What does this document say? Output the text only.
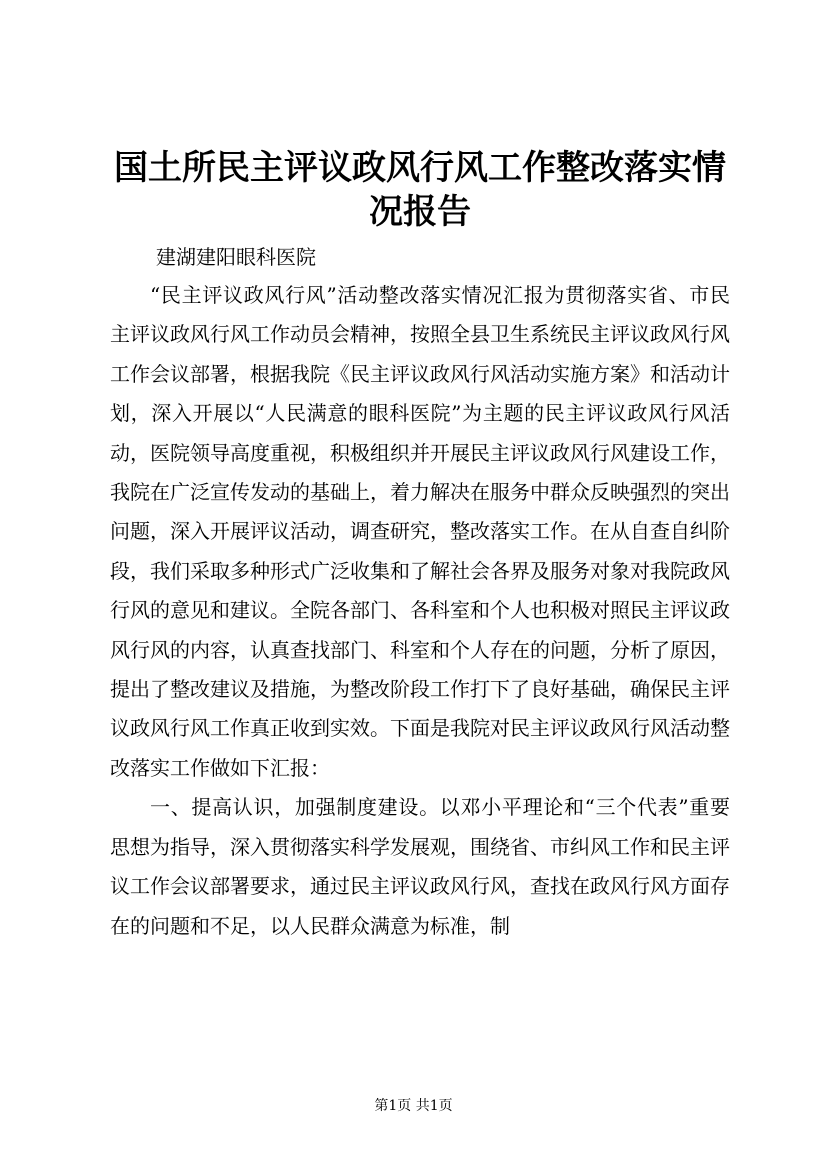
国土所民主评议政风行风工作整改落实情况报告
建湖建阳眼科医院

“民主评议政风行风”活动整改落实情况汇报为贯彻落实省、市民主评议政风行风工作动员会精神，按照全县卫生系统民主评议政风行风工作会议部署，根据我院《民主评议政风行风活动实施方案》和活动计划，深入开展以“人民满意的眼科医院”为主题的民主评议政风行风活动，医院领导高度重视，积极组织并开展民主评议政风行风建设工作，我院在广泛宣传发动的基础上，着力解决在服务中群众反映强烈的突出问题，深入开展评议活动，调查研究，整改落实工作。在从自查自纠阶段，我们采取多种形式广泛收集和了解社会各界及服务对象对我院政风行风的意见和建议。全院各部门、各科室和个人也积极对照民主评议政风行风的内容，认真查找部门、科室和个人存在的问题，分析了原因，提出了整改建议及措施，为整改阶段工作打下了良好基础，确保民主评议政风行风工作真正收到实效。下面是我院对民主评议政风行风活动整改落实工作做如下汇报：

一、提高认识，加强制度建设。以邓小平理论和“三个代表”重要思想为指导，深入贯彻落实科学发展观，围绕省、市纠风工作和民主评议工作会议部署要求，通过民主评议政风行风，查找在政风行风方面存在的问题和不足，以人民群众满意为标准，制

第1页 共1页
